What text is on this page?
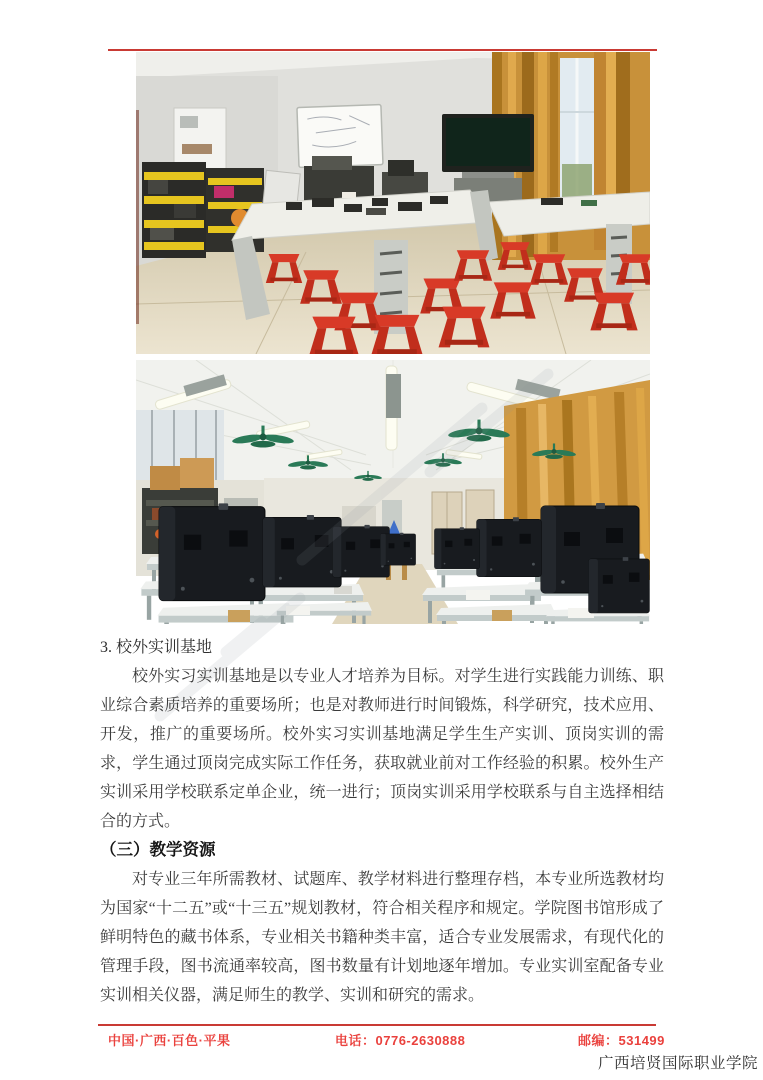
3. 校外实训基地

校外实习实训基地是以专业人才培养为目标。对学生进行实践能力训练、职业综合素质培养的重要场所；也是对教师进行时间锻炼，科学研究，技术应用、开发，推广的重要场所。校外实习实训基地满足学生生产实训、顶岗实训的需求，学生通过顶岗完成实际工作任务，获取就业前对工作经验的积累。校外生产实训采用学校联系定单企业，统一进行；顶岗实训采用学校联系与自主选择相结合的方式。

（三）教学资源

对专业三年所需教材、试题库、教学材料进行整理存档，本专业所选教材均为国家“十二五”或“十三五”规划教材，符合相关程序和规定。学院图书馆形成了鲜明特色的藏书体系，专业相关书籍种类丰富，适合专业发展需求，有现代化的管理手段，图书流通率较高，图书数量有计划地逐年增加。专业实训室配备专业实训相关仪器，满足师生的教学、实训和研究的需求。

中国·广西·百色·平果	电话：0776-2630888	邮编：531499
广西培贤国际职业学院
